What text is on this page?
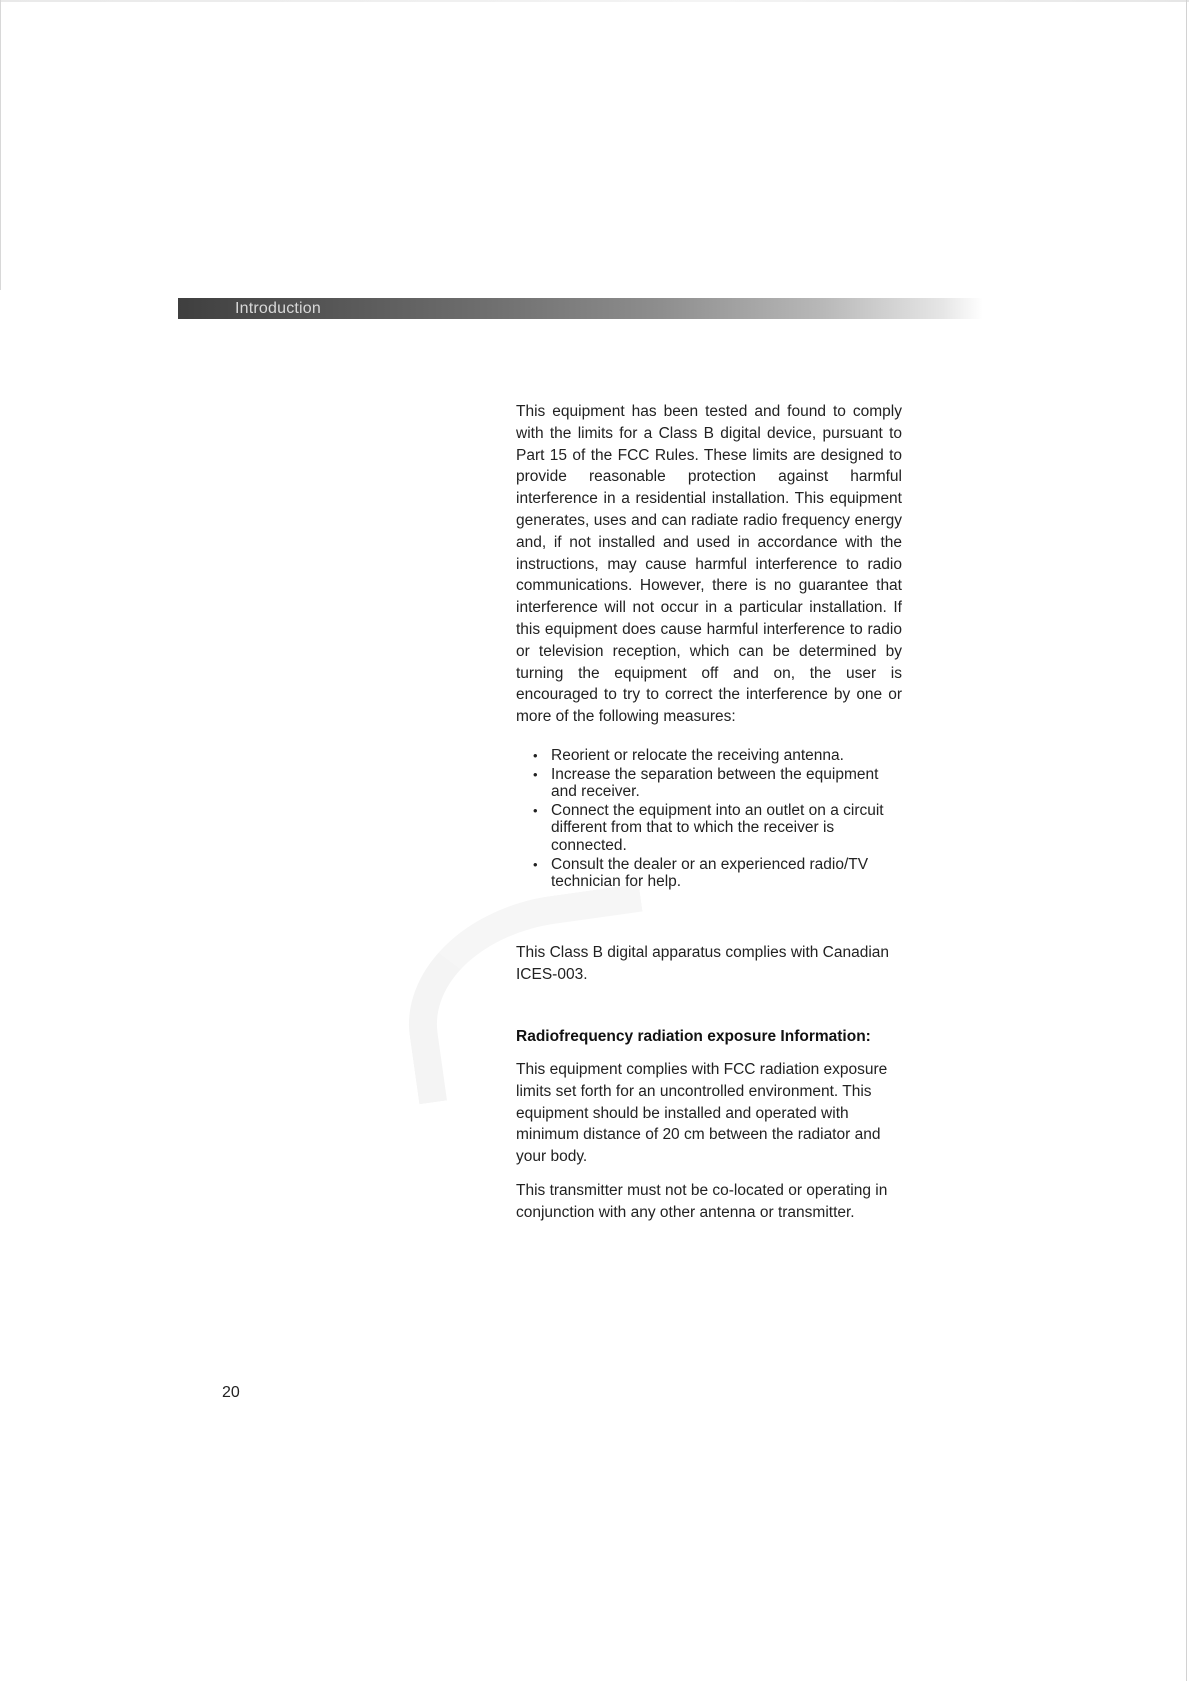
Introduction

This equipment has been tested and found to comply with the limits for a Class B digital device, pursuant to Part 15 of the FCC Rules. These limits are designed to provide reasonable protection against harmful interference in a residential installation. This equipment generates, uses and can radiate radio frequency energy and, if not installed and used in accordance with the instructions, may cause harmful interference to radio communications. However, there is no guarantee that interference will not occur in a particular installation. If this equipment does cause harmful interference to radio or television reception, which can be determined by turning the equipment off and on, the user is encouraged to try to correct the interference by one or more of the following measures:

• Reorient or relocate the receiving antenna.
• Increase the separation between the equipment and receiver.
• Connect the equipment into an outlet on a circuit different from that to which the receiver is connected.
• Consult the dealer or an experienced radio/TV technician for help.

This Class B digital apparatus complies with Canadian ICES-003.

Radiofrequency radiation exposure Information:

This equipment complies with FCC radiation exposure limits set forth for an uncontrolled environment. This equipment should be installed and operated with minimum distance of 20 cm between the radiator and your body.

This transmitter must not be co-located or operating in conjunction with any other antenna or transmitter.

20
